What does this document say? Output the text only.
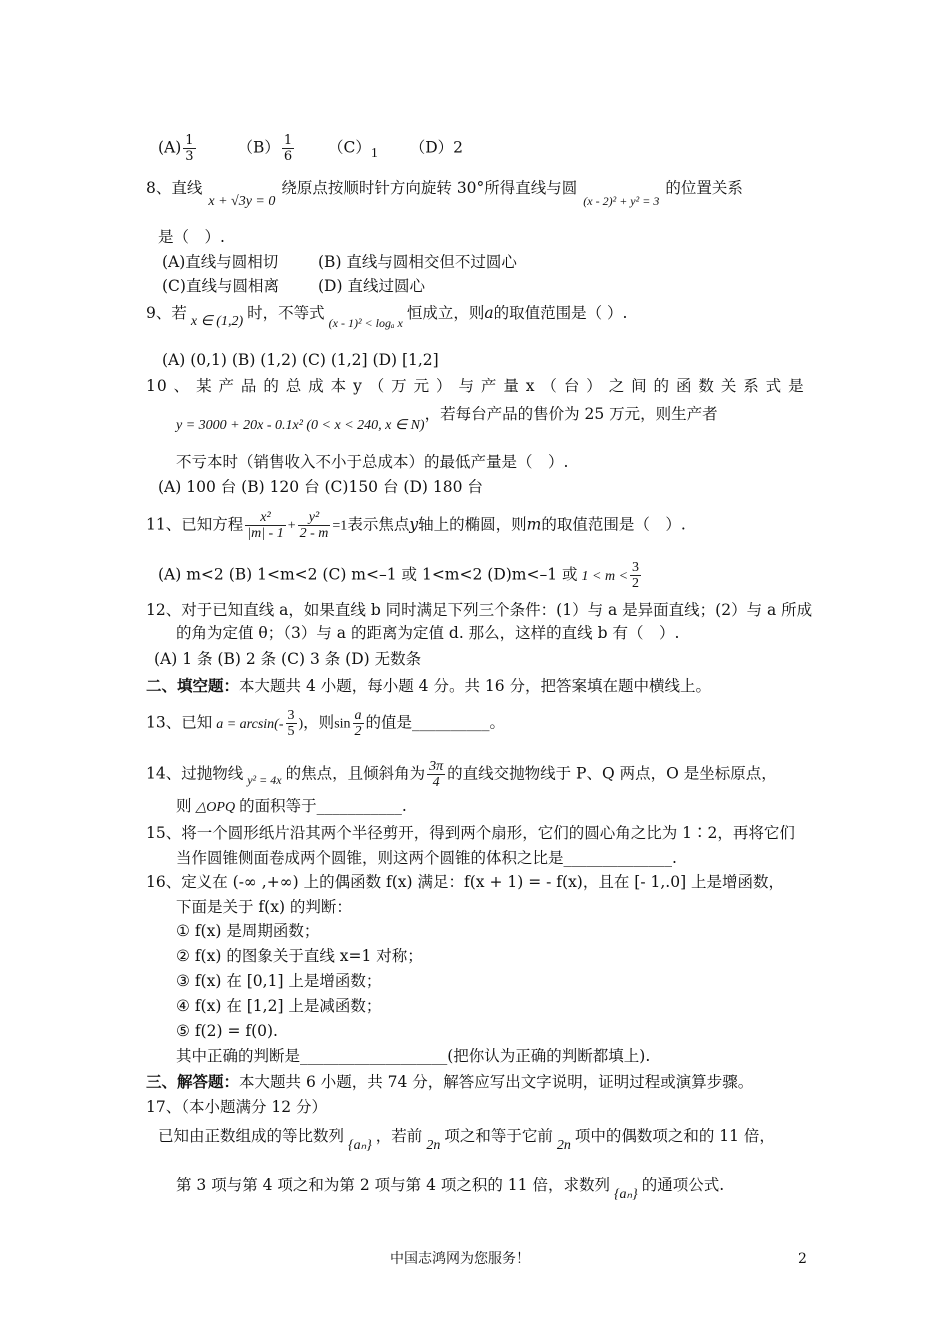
$(A) \frac{1}{3}$	$(B) \frac{1}{6} (C)1$ （D）2
8、直线x + √3y = 0绕原点按顺时针方向旋转 30°所得直线与圆$_{(x - 2)^2 + y^2 = 3}$的位置关系
是（　）.
(A)直线与圆相切	(B) 直线与圆相交但不过圆心
(C)直线与圆相离	(D) 直线过圆心
9、若 x ∈ (1,2) 时，不等式$_{(x - 1)^2 < log_a x}$恒成立，则a的取值范围是（ ）.
(A) (0,1) (B) (1,2) (C) (1,2] (D) [1,2]
10 、 某 产 品 的 总 成 本 y （ 万 元 ） 与 产 量 x （ 台 ） 之 间 的 函 数 关 系 式 是
y = 3000 + 20x - 0.1x² (0 < x < 240, x ∈ N)，若每台产品的售价为 25 万元，则生产者
不亏本时（销售收入不小于总成本）的最低产量是（　）.
(A) 100 台 (B) 120 台 (C)150 台 (D) 180 台
11、已知方程 $\frac{\text{x²}}{|m| - 1} + \frac{\text{y²}}{2 - m} =1$表示焦点y轴上的椭圆，则m的取值范围是（　）.
(A) m<2 (B) 1<m<2 (C) m<–1 或 1<m<2 (D)m<–1 或 $1 < m < \frac{3}{2}$
12、对于已知直线 a，如果直线 b 同时满足下列三个条件：(1）与 a 是异面直线；(2）与 a 所成
的角为定值 θ；（3）与 a 的距离为定值 d. 那么，这样的直线 b 有（　）.
(A) 1 条 (B) 2 条 (C) 3 条 (D) 无数条
二、填空题：本大题共 4 小题，每小题 4 分。共 16 分，把答案填在题中横线上。
13、已知 $a = \arcsin(- \frac{3}{5}$ )，则$\sin \frac{a}{2}$ 的值是__________。
14、过抛物线 $_{y^2 = 4x}$ 的焦点，且倾斜角为 $\frac{3\pi}{4}$ 的直线交抛物线于 P、Q 两点，O 是坐标原点，
则 △OPQ 的面积等于___________.
15、将一个圆形纸片沿其两个半径剪开，得到两个扇形，它们的圆心角之比为 1∶2，再将它们
当作圆锥侧面卷成两个圆锥，则这两个圆锥的体积之比是______________.
16、定义在 (-∞ ,+∞) 上的偶函数 f(x) 满足：f(x + 1) = - f(x)，且在 [- 1,.0] 上是增函数，
下面是关于 f(x) 的判断：
① f(x) 是周期函数；
② f(x) 的图象关于直线 x=1 对称；
③ f(x) 在 [0,1] 上是增函数；
④ f(x) 在 [1,2] 上是减函数；
⑤ f(2) = f(0).
其中正确的判断是___________________(把你认为正确的判断都填上).
三、解答题：本大题共 6 小题，共 74 分，解答应写出文字说明，证明过程或演算步骤。
17、（本小题满分 12 分）
已知由正数组成的等比数列{aₙ}，若前2n项之和等于它前2n项中的偶数项之和的 11 倍，
第 3 项与第 4 项之和为第 2 项与第 4 项之积的 11 倍，求数列{aₙ}的通项公式.
中国志鸿网为您服务！	2
